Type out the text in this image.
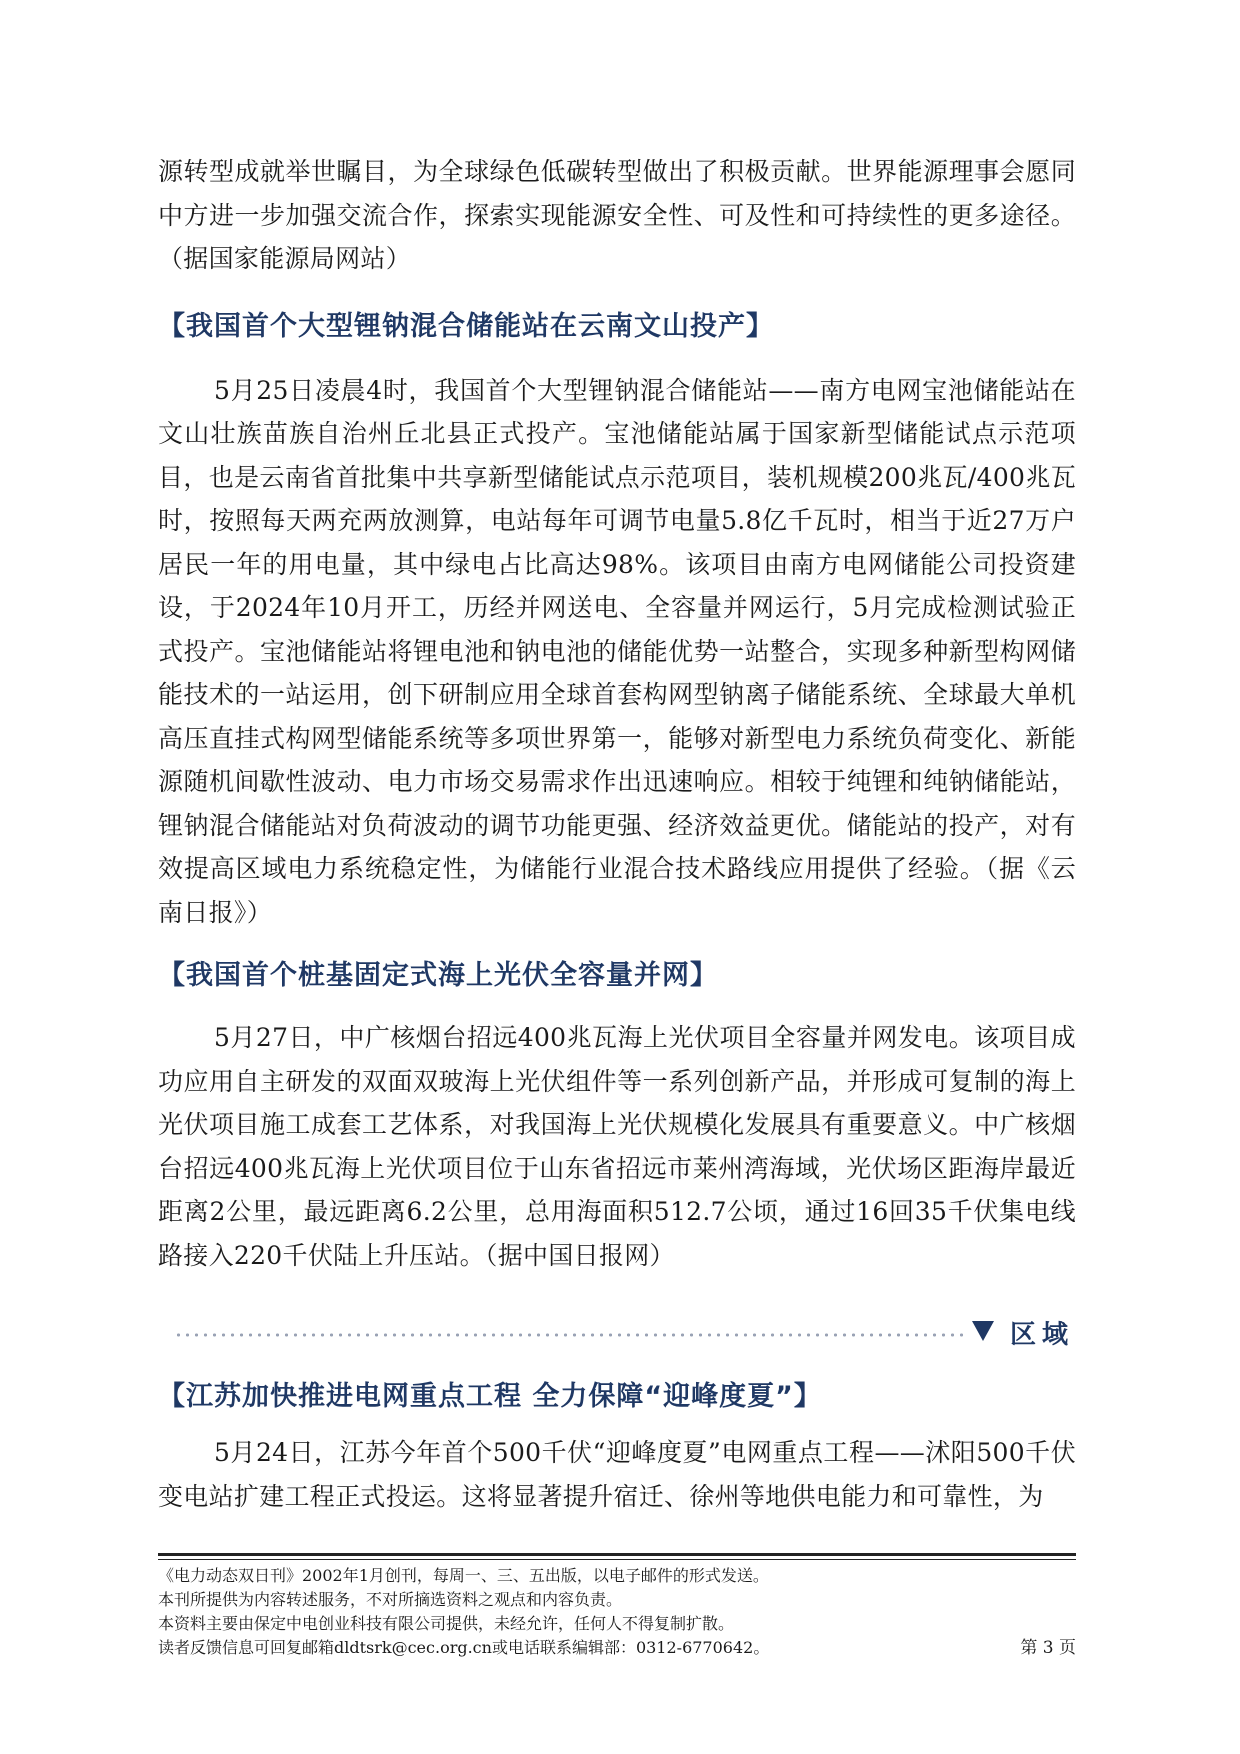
源转型成就举世瞩目，为全球绿色低碳转型做出了积极贡献。世界能源理事会愿同中方进一步加强交流合作，探索实现能源安全性、可及性和可持续性的更多途径。（据国家能源局网站）

【我国首个大型锂钠混合储能站在云南文山投产】

5月25日凌晨4时，我国首个大型锂钠混合储能站——南方电网宝池储能站在文山壮族苗族自治州丘北县正式投产。宝池储能站属于国家新型储能试点示范项目，也是云南省首批集中共享新型储能试点示范项目，装机规模200兆瓦/400兆瓦时，按照每天两充两放测算，电站每年可调节电量5.8亿千瓦时，相当于近27万户居民一年的用电量，其中绿电占比高达98%。该项目由南方电网储能公司投资建设，于2024年10月开工，历经并网送电、全容量并网运行，5月完成检测试验正式投产。宝池储能站将锂电池和钠电池的储能优势一站整合，实现多种新型构网储能技术的一站运用，创下研制应用全球首套构网型钠离子储能系统、全球最大单机高压直挂式构网型储能系统等多项世界第一，能够对新型电力系统负荷变化、新能源随机间歇性波动、电力市场交易需求作出迅速响应。相较于纯锂和纯钠储能站，锂钠混合储能站对负荷波动的调节功能更强、经济效益更优。储能站的投产，对有效提高区域电力系统稳定性，为储能行业混合技术路线应用提供了经验。（据《云南日报》）

【我国首个桩基固定式海上光伏全容量并网】

5月27日，中广核烟台招远400兆瓦海上光伏项目全容量并网发电。该项目成功应用自主研发的双面双玻海上光伏组件等一系列创新产品，并形成可复制的海上光伏项目施工成套工艺体系，对我国海上光伏规模化发展具有重要意义。中广核烟台招远400兆瓦海上光伏项目位于山东省招远市莱州湾海域，光伏场区距海岸最近距离2公里，最远距离6.2公里，总用海面积512.7公顷，通过16回35千伏集电线路接入220千伏陆上升压站。（据中国日报网）

区域
【江苏加快推进电网重点工程 全力保障“迎峰度夏”】

5月24日，江苏今年首个500千伏“迎峰度夏”电网重点工程——沭阳500千伏变电站扩建工程正式投运。这将显著提升宿迁、徐州等地供电能力和可靠性，为

《电力动态双日刊》2002年1月创刊，每周一、三、五出版，以电子邮件的形式发送。

本刊所提供为内容转述服务，不对所摘选资料之观点和内容负责。

本资料主要由保定中电创业科技有限公司提供，未经允许，任何人不得复制扩散。

读者反馈信息可回复邮箱dldtsrk@cec.org.cn或电话联系编辑部：0312-6770642。	第 3 页
